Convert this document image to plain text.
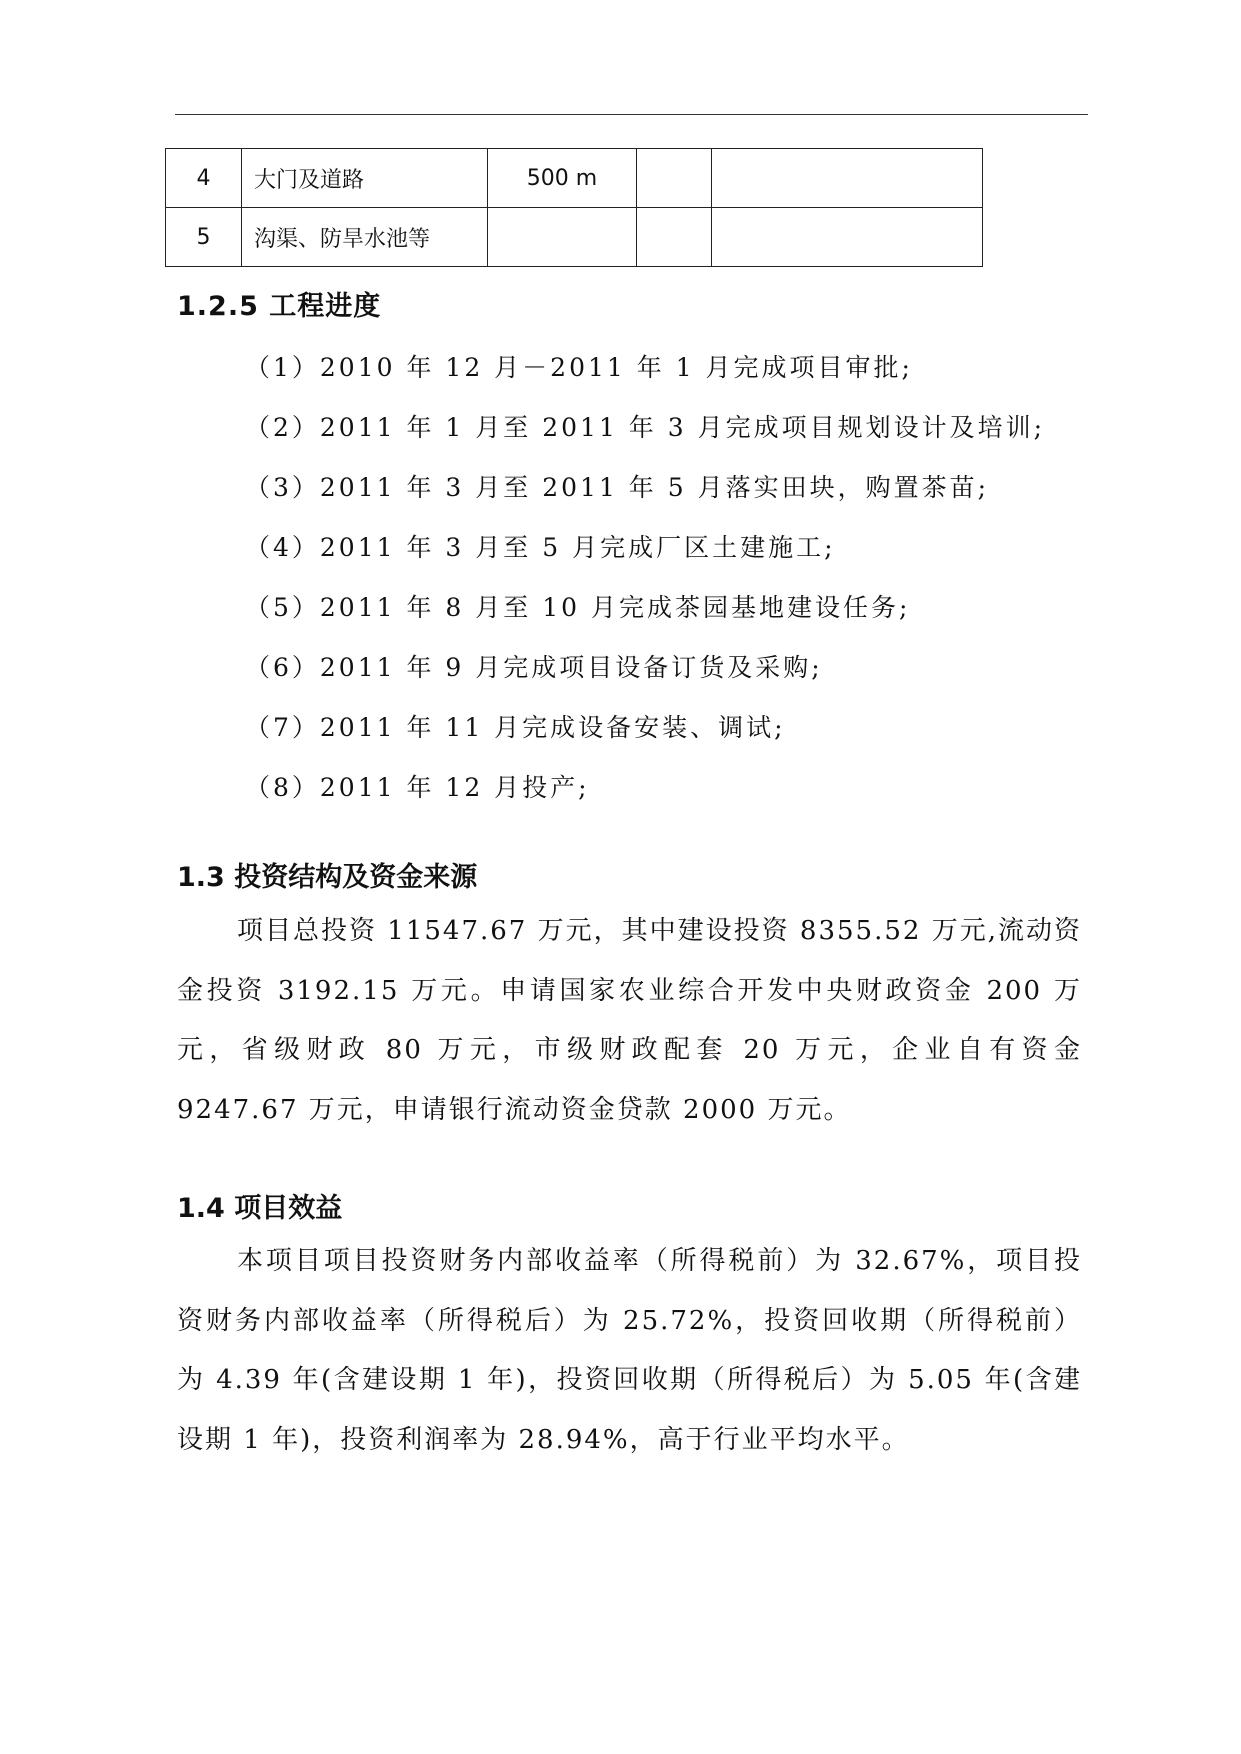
4	大门及道路	500 m		
5	沟渠、防旱水池等			
1.2.5 工程进度
（1）2010 年 12 月－2011 年 1 月完成项目审批;
（2）2011 年 1 月至 2011 年 3 月完成项目规划设计及培训;
（3）2011 年 3 月至 2011 年 5 月落实田块，购置茶苗;
（4）2011 年 3 月至 5 月完成厂区土建施工;
（5）2011 年 8 月至 10 月完成茶园基地建设任务;
（6）2011 年 9 月完成项目设备订货及采购;
（7）2011 年 11 月完成设备安装、调试;
（8）2011 年 12 月投产;
1.3 投资结构及资金来源

项目总投资 11547.67 万元，其中建设投资 8355.52 万元,流动资金投资 3192.15 万元。申请国家农业综合开发中央财政资金 200 万元，省级财政 80 万元，市级财政配套 20 万元，企业自有资金 9247.67 万元，申请银行流动资金贷款 2000 万元。

1.4 项目效益

本项目项目投资财务内部收益率（所得税前）为 32.67%，项目投资财务内部收益率（所得税后）为 25.72%，投资回收期（所得税前）为 4.39 年(含建设期 1 年)，投资回收期（所得税后）为 5.05 年(含建设期 1 年)，投资利润率为 28.94%，高于行业平均水平。
